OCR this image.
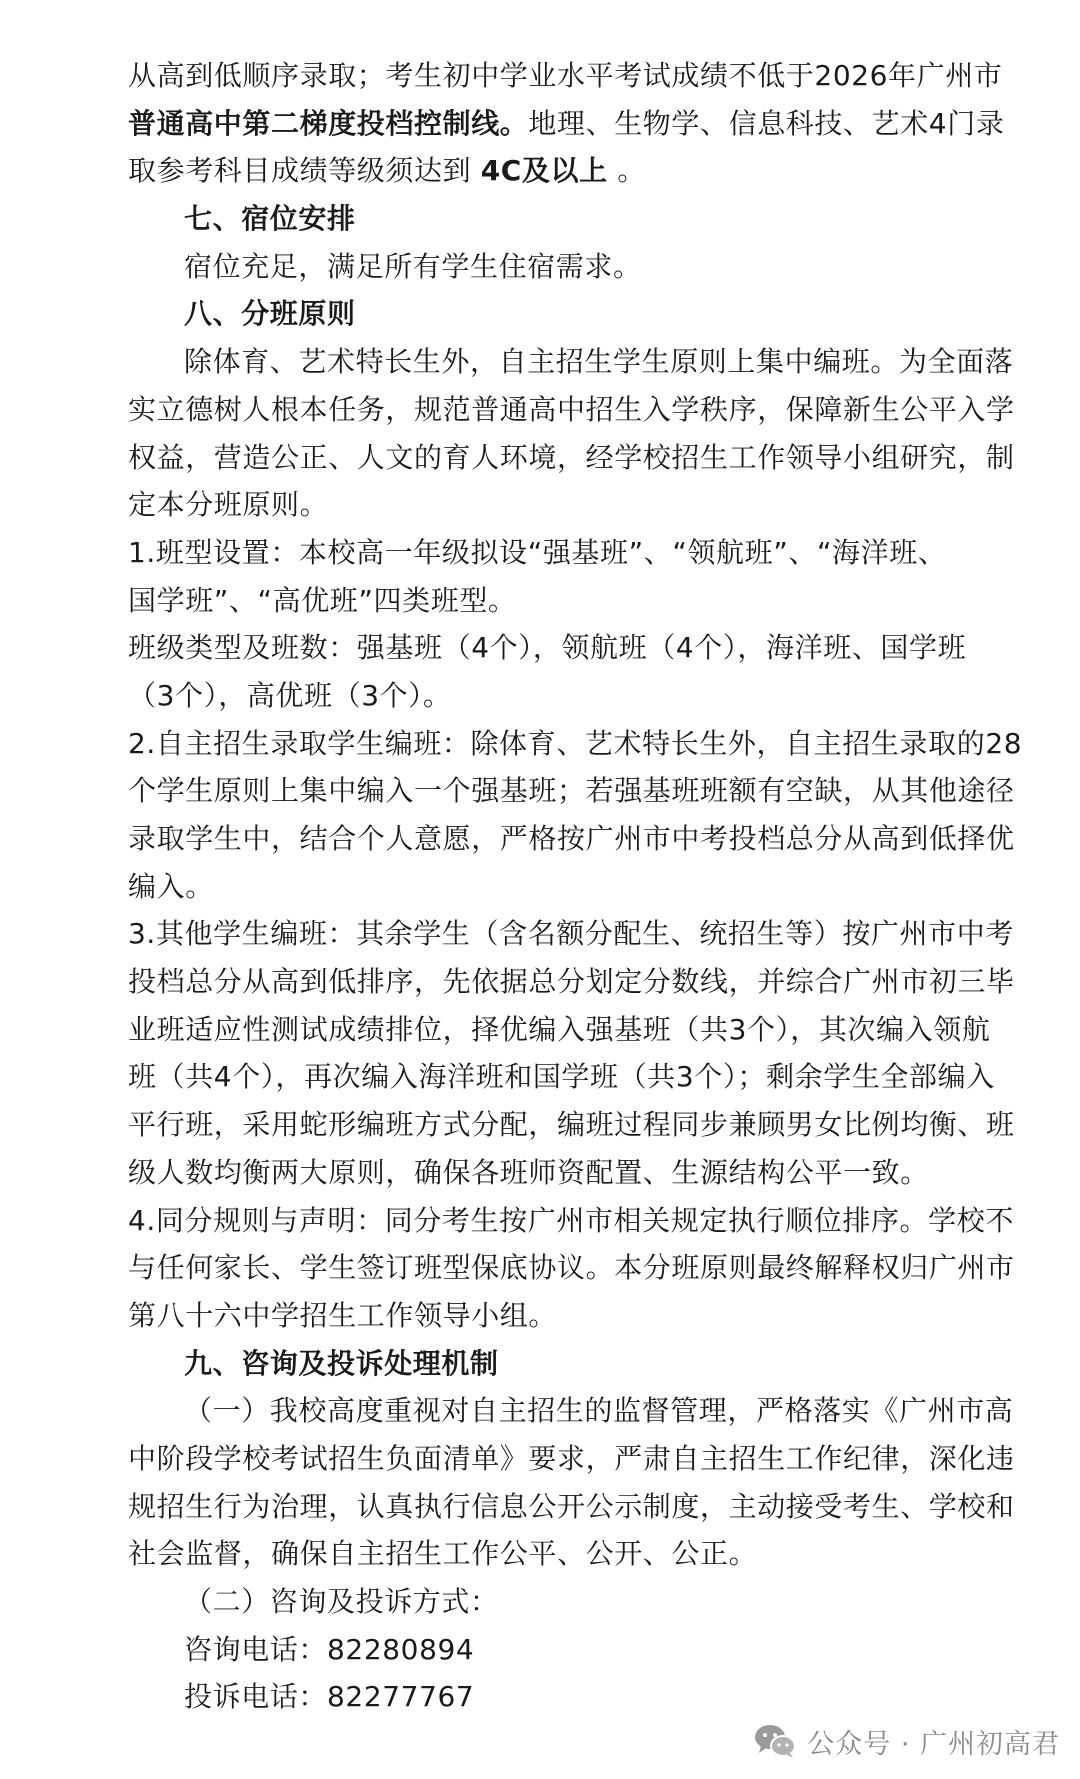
从高到低顺序录取；考生初中学业水平考试成绩不低于2026年广州市
普通高中第二梯度投档控制线。地理、生物学、信息科技、艺术4门录
取参考科目成绩等级须达到 4C及以上 。
七、宿位安排
宿位充足，满足所有学生住宿需求。
八、分班原则
除体育、艺术特长生外，自主招生学生原则上集中编班。为全面落
实立德树人根本任务，规范普通高中招生入学秩序，保障新生公平入学
权益，营造公正、人文的育人环境，经学校招生工作领导小组研究，制
定本分班原则。
1.班型设置：本校高一年级拟设“强基班”、“领航班”、“海洋班、
国学班”、“高优班”四类班型。
班级类型及班数：强基班（4个），领航班（4个），海洋班、国学班
（3个），高优班（3个）。
2.自主招生录取学生编班：除体育、艺术特长生外，自主招生录取的28
个学生原则上集中编入一个强基班；若强基班班额有空缺，从其他途径
录取学生中，结合个人意愿，严格按广州市中考投档总分从高到低择优
编入。
3.其他学生编班：其余学生（含名额分配生、统招生等）按广州市中考
投档总分从高到低排序，先依据总分划定分数线，并综合广州市初三毕
业班适应性测试成绩排位，择优编入强基班（共3个），其次编入领航
班（共4个），再次编入海洋班和国学班（共3个）；剩余学生全部编入
平行班，采用蛇形编班方式分配，编班过程同步兼顾男女比例均衡、班
级人数均衡两大原则，确保各班师资配置、生源结构公平一致。
4.同分规则与声明：同分考生按广州市相关规定执行顺位排序。学校不
与任何家长、学生签订班型保底协议。本分班原则最终解释权归广州市
第八十六中学招生工作领导小组。
九、咨询及投诉处理机制
（一）我校高度重视对自主招生的监督管理，严格落实《广州市高
中阶段学校考试招生负面清单》要求，严肃自主招生工作纪律，深化违
规招生行为治理，认真执行信息公开公示制度，主动接受考生、学校和
社会监督，确保自主招生工作公平、公开、公正。
（二）咨询及投诉方式：
咨询电话：82280894
投诉电话：82277767
公众号 · 广州初高君
